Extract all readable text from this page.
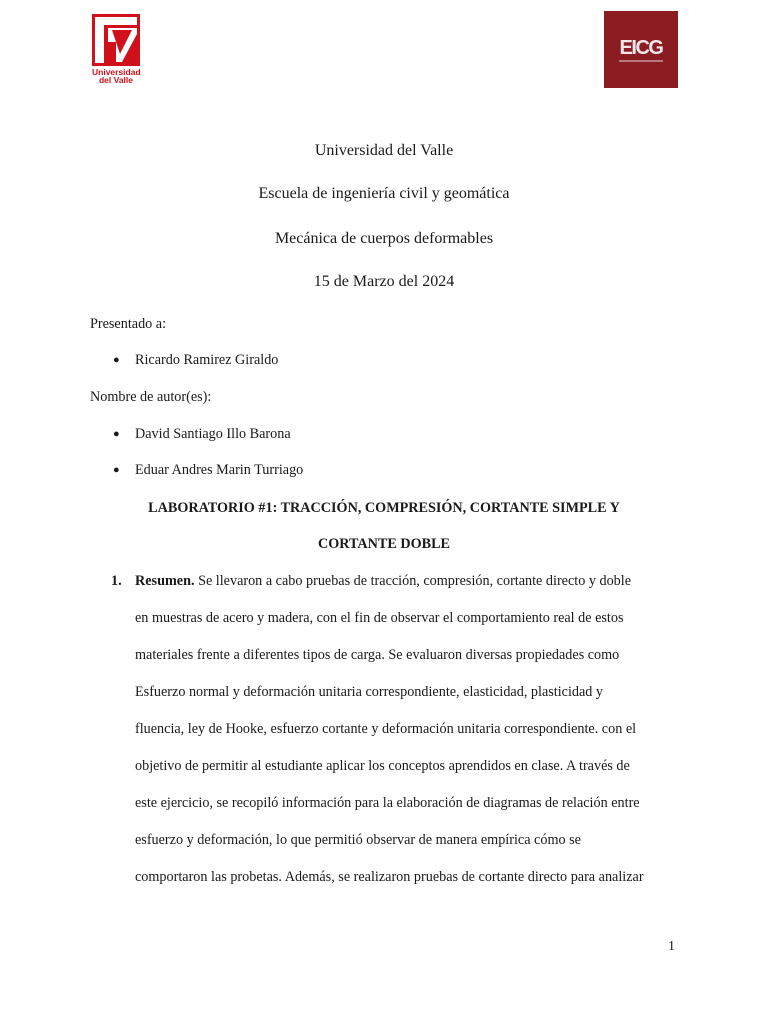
Universidad
del Valle
EICG
Universidad del Valle
Escuela de ingeniería civil y geomática
Mecánica de cuerpos deformables
15 de Marzo del 2024
Presentado a:
● Ricardo Ramirez Giraldo
Nombre de autor(es):
● David Santiago Illo Barona
● Eduar Andres Marin Turriago
LABORATORIO #1: TRACCIÓN, COMPRESIÓN, CORTANTE SIMPLE Y
CORTANTE DOBLE
1. Resumen. Se llevaron a cabo pruebas de tracción, compresión, cortante directo y doble
en muestras de acero y madera, con el fin de observar el comportamiento real de estos
materiales frente a diferentes tipos de carga. Se evaluaron diversas propiedades como
Esfuerzo normal y deformación unitaria correspondiente, elasticidad, plasticidad y
fluencia, ley de Hooke, esfuerzo cortante y deformación unitaria correspondiente. con el
objetivo de permitir al estudiante aplicar los conceptos aprendidos en clase. A través de
este ejercicio, se recopiló información para la elaboración de diagramas de relación entre
esfuerzo y deformación, lo que permitió observar de manera empírica cómo se
comportaron las probetas. Además, se realizaron pruebas de cortante directo para analizar
1
